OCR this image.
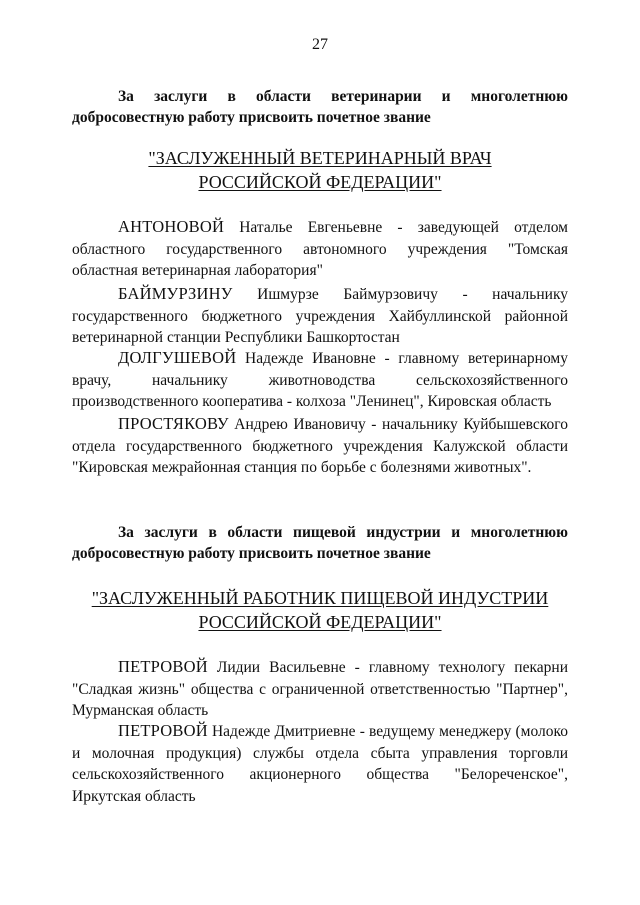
27
За заслуги в области ветеринарии и многолетнюю
добросовестную работу присвоить почетное звание
"ЗАСЛУЖЕННЫЙ ВЕТЕРИНАРНЫЙ ВРАЧ
РОССИЙСКОЙ ФЕДЕРАЦИИ"
АНТОНОВОЙ Наталье Евгеньевне - заведующей отделом областного государственного автономного учреждения "Томская областная ветеринарная лаборатория"
БАЙМУРЗИНУ Ишмурзе Баймурзовичу - начальнику государственного бюджетного учреждения Хайбуллинской районной ветеринарной станции Республики Башкортостан
ДОЛГУШЕВОЙ Надежде Ивановне - главному ветеринарному врачу, начальнику животноводства сельскохозяйственного производственного кооператива - колхоза "Ленинец", Кировская область
ПРОСТЯКОВУ Андрею Ивановичу - начальнику Куйбышевского отдела государственного бюджетного учреждения Калужской области "Кировская межрайонная станция по борьбе с болезнями животных".
За заслуги в области пищевой индустрии и многолетнюю
добросовестную работу присвоить почетное звание
"ЗАСЛУЖЕННЫЙ РАБОТНИК ПИЩЕВОЙ ИНДУСТРИИ
РОССИЙСКОЙ ФЕДЕРАЦИИ"
ПЕТРОВОЙ Лидии Васильевне - главному технологу пекарни "Сладкая жизнь" общества с ограниченной ответственностью "Партнер", Мурманская область
ПЕТРОВОЙ Надежде Дмитриевне - ведущему менеджеру (молоко и молочная продукция) службы отдела сбыта управления торговли сельскохозяйственного акционерного общества "Белореченское", Иркутская область
